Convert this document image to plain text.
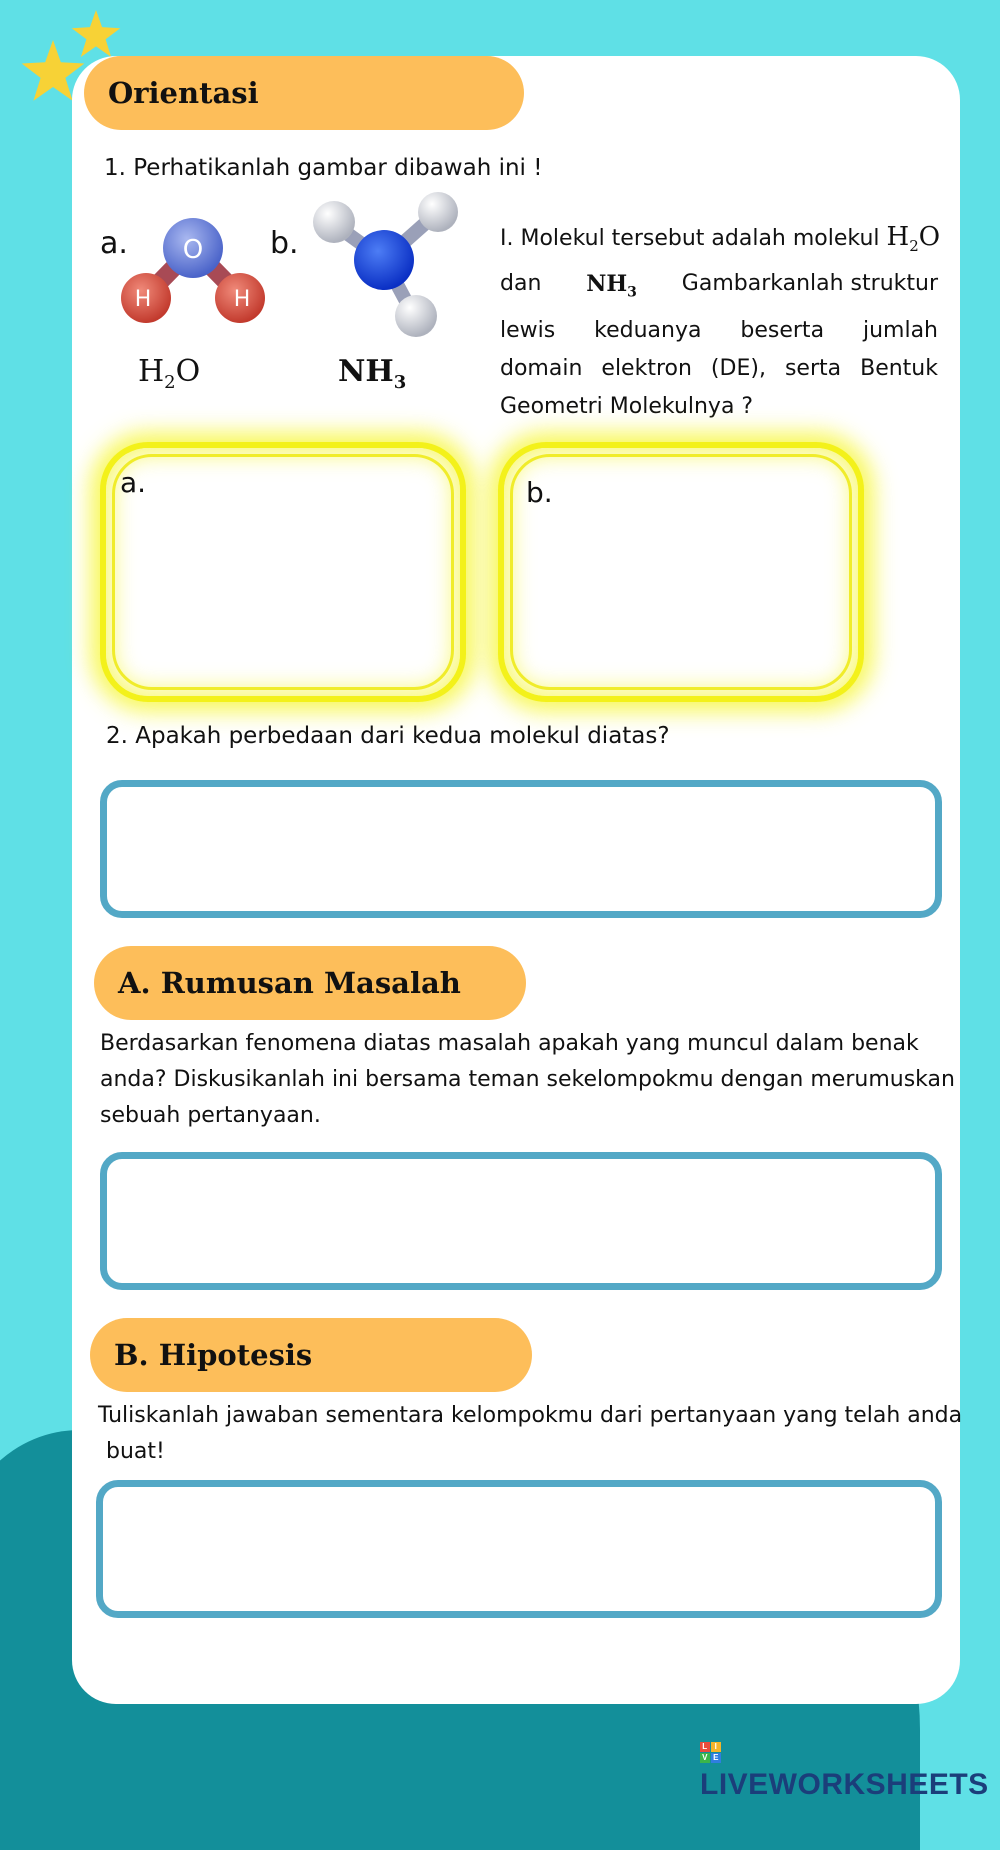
Orientasi
1. Perhatikanlah gambar dibawah ini !
a. O
H	H
$H_2O$
b.
$NH_3$
I. Molekul tersebut adalah molekul $H_2O$
dan $NH_3$ Gambarkanlah struktur
lewis   keduanya   beserta   jumlah
domain elektron (DE), serta Bentuk
Geometri Molekulnya ?
a.	b.
2. Apakah perbedaan dari kedua molekul diatas?
A. Rumusan Masalah
Berdasarkan fenomena diatas masalah apakah yang muncul dalam benak
anda? Diskusikanlah ini bersama teman sekelompokmu dengan merumuskan
sebuah pertanyaan.
B. Hipotesis
Tuliskanlah jawaban sementara kelompokmu dari pertanyaan yang telah anda
buat!
L I
V E
LIVEWORKSHEETS
